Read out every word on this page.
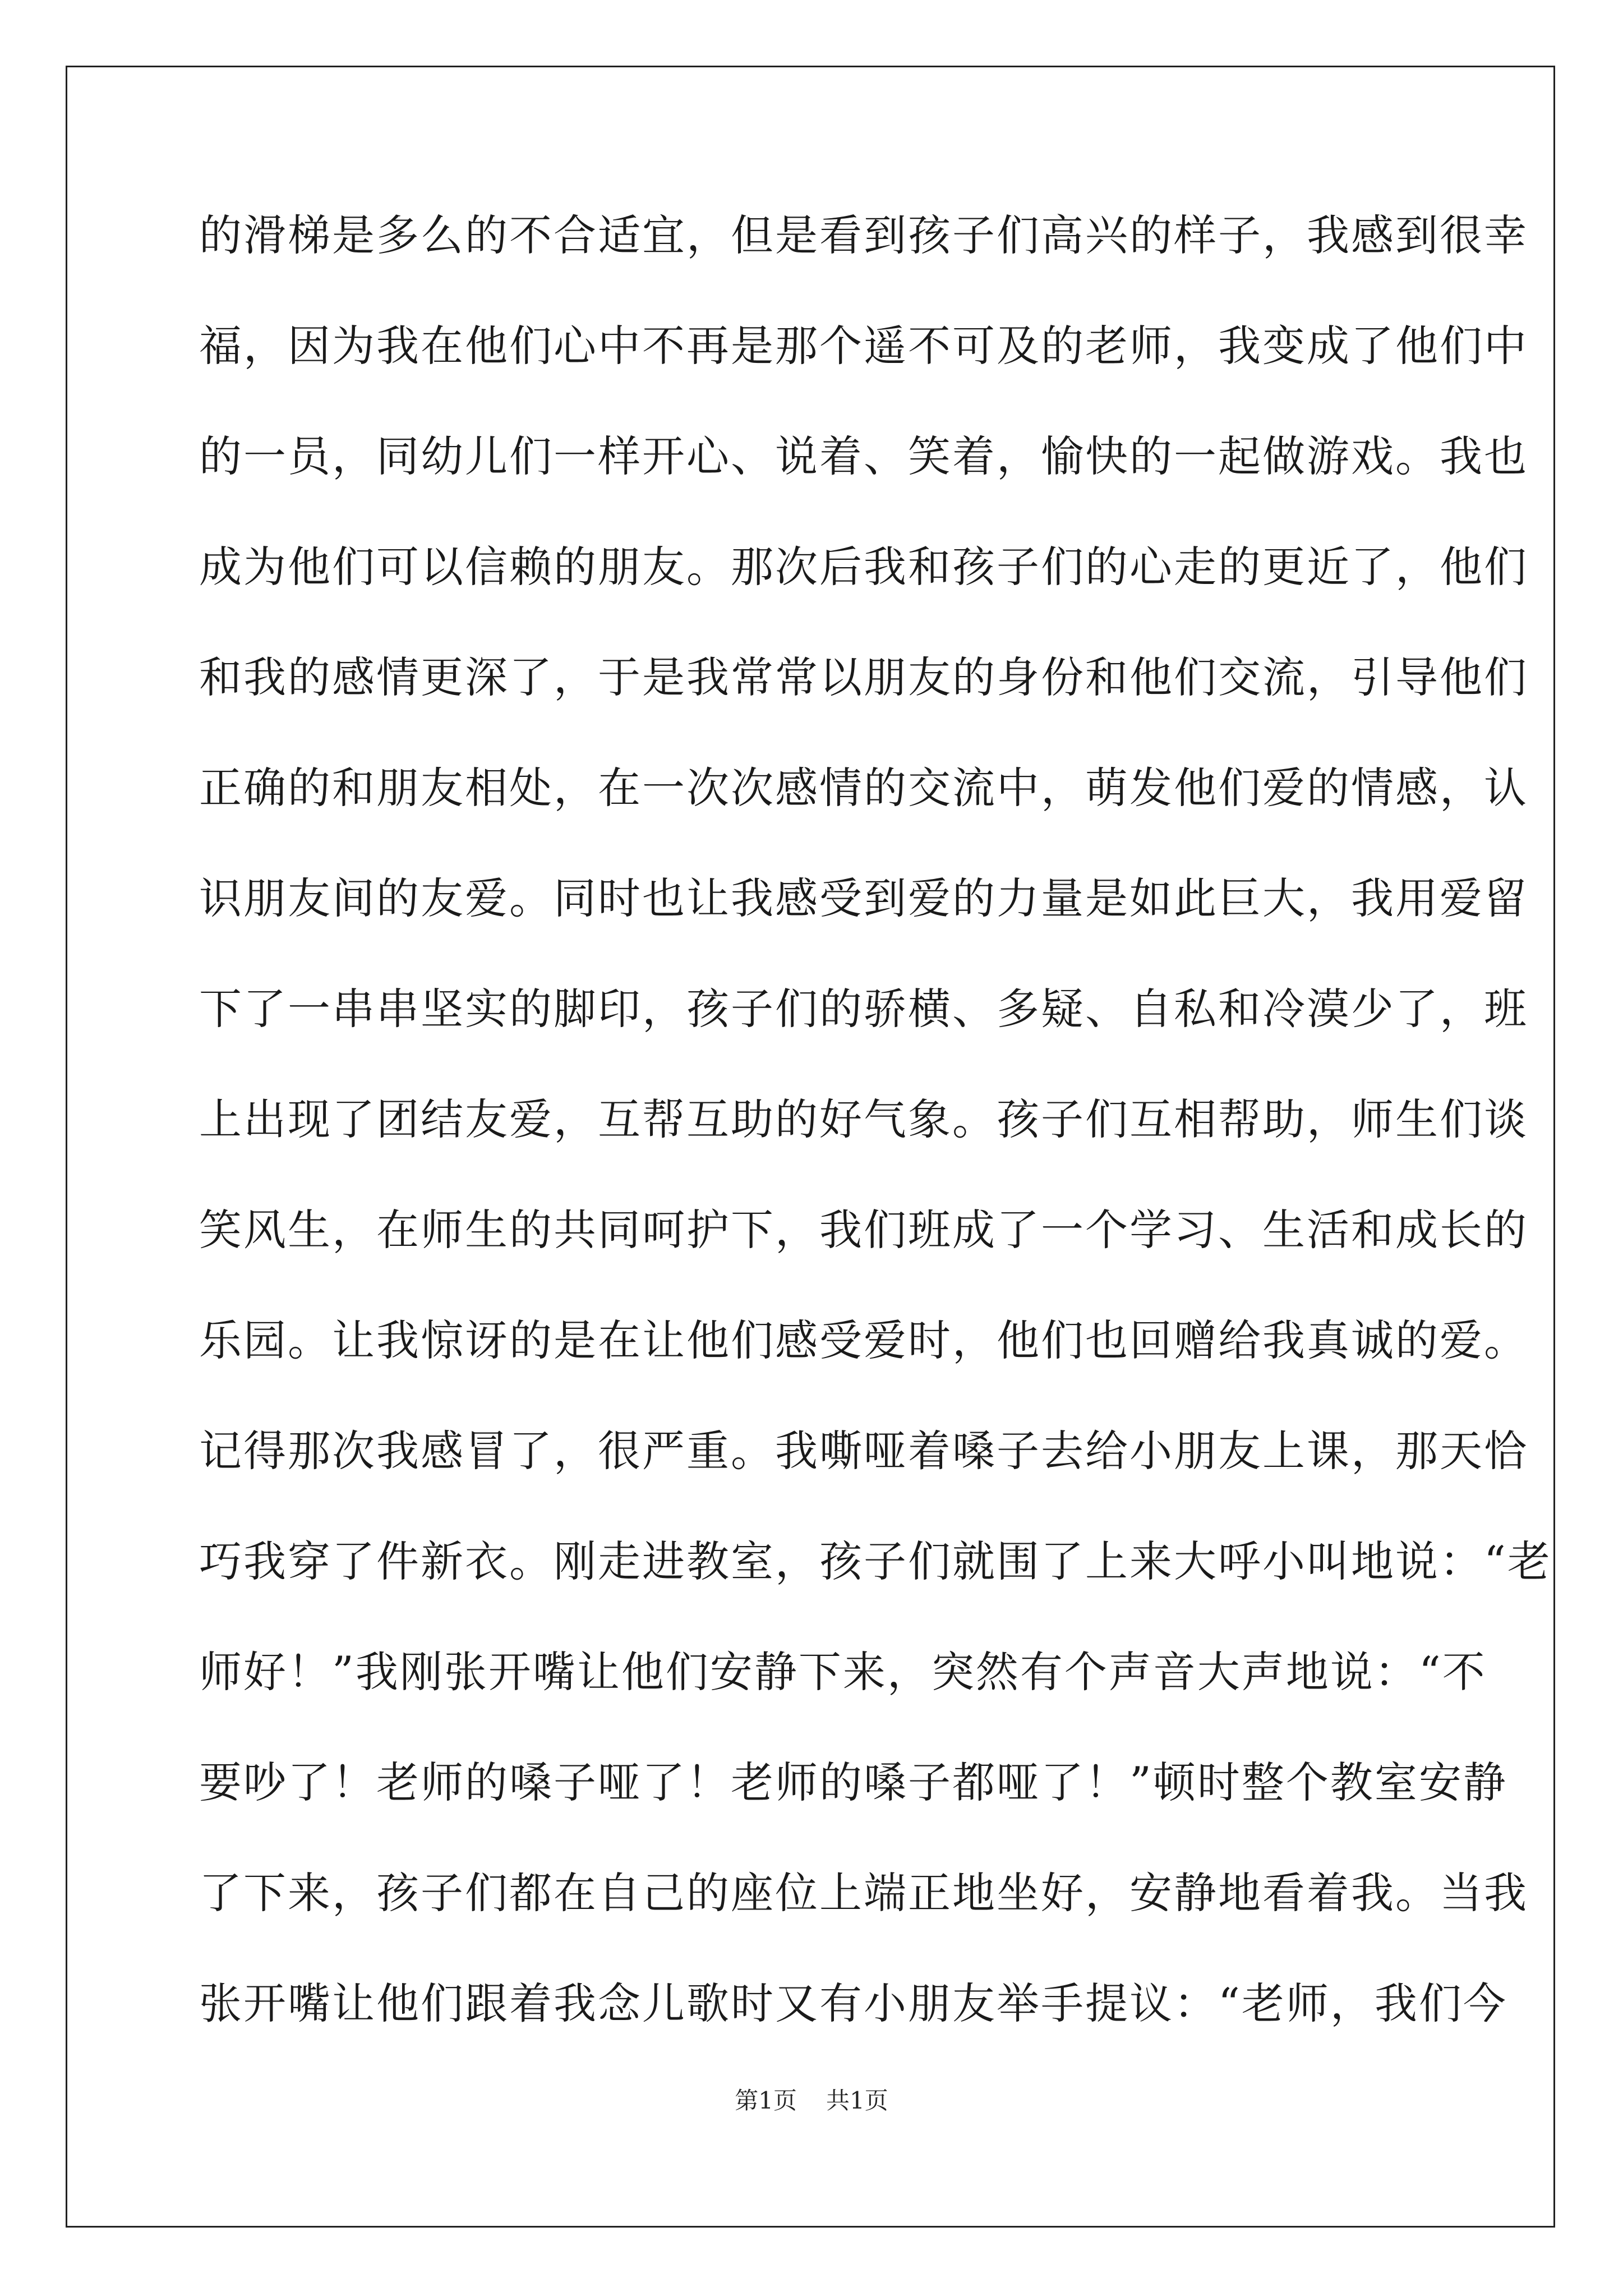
的滑梯是多么的不合适宜，但是看到孩子们高兴的样子，我感到很幸
福，因为我在他们心中不再是那个遥不可及的老师，我变成了他们中
的一员，同幼儿们一样开心、说着、笑着，愉快的一起做游戏。我也
成为他们可以信赖的朋友。那次后我和孩子们的心走的更近了，他们
和我的感情更深了，于是我常常以朋友的身份和他们交流，引导他们
正确的和朋友相处，在一次次感情的交流中，萌发他们爱的情感，认
识朋友间的友爱。同时也让我感受到爱的力量是如此巨大，我用爱留
下了一串串坚实的脚印，孩子们的骄横、多疑、自私和冷漠少了，班
上出现了团结友爱，互帮互助的好气象。孩子们互相帮助，师生们谈
笑风生，在师生的共同呵护下，我们班成了一个学习、生活和成长的
乐园。让我惊讶的是在让他们感受爱时，他们也回赠给我真诚的爱。
记得那次我感冒了，很严重。我嘶哑着嗓子去给小朋友上课，那天恰
巧我穿了件新衣。刚走进教室，孩子们就围了上来大呼小叫地说：“老
师好！”我刚张开嘴让他们安静下来，突然有个声音大声地说：“不
要吵了！老师的嗓子哑了！老师的嗓子都哑了！”顿时整个教室安静
了下来，孩子们都在自己的座位上端正地坐好，安静地看着我。当我
张开嘴让他们跟着我念儿歌时又有小朋友举手提议：“老师，我们今
第1页 共1页
